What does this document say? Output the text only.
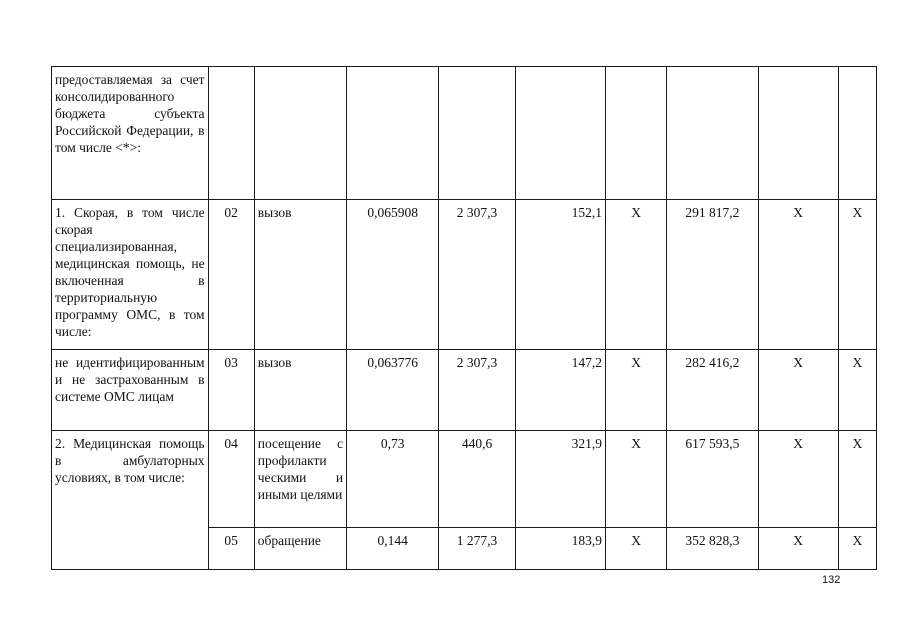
предоставляемая за счет консолидированного бюджета субъекта Российской Федерации, в том числе <*>:									
1. Скорая, в том числе скорая специализированная, медицинская помощь, не включенная в территориальную программу ОМС, в том числе:	02	вызов	0,065908	2 307,3	152,1	X	291 817,2	X	X
не идентифицированным и не застрахованным в системе ОМС лицам	03	вызов	0,063776	2 307,3	147,2	X	282 416,2	X	X
2. Медицинская помощь в амбулаторных условиях, в том числе:	04	посещение с профилакти ческими и иными целями	0,73	440,6	321,9	X	617 593,5	X	X
	05	обращение	0,144	1 277,3	183,9	X	352 828,3	X	X
132
